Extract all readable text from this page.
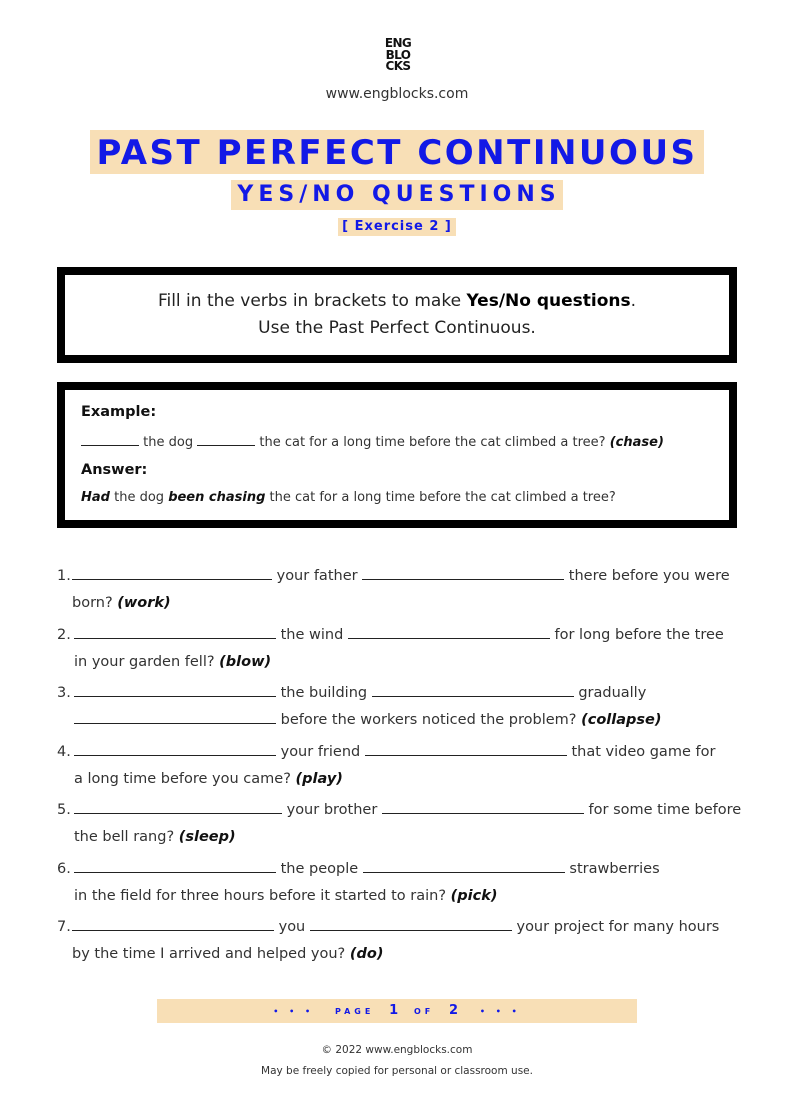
ENG
BLO
CKS
www.engblocks.com
PAST PERFECT CONTINUOUS
YES/NO QUESTIONS
[ Exercise 2 ]
Fill in the verbs in brackets to make Yes/No questions.
Use the Past Perfect Continuous.
Example:
the dog	the cat for a long time before the cat climbed a tree? (chase)
Answer:
Had the dog been chasing the cat for a long time before the cat climbed a tree?
1.	your father	there before you were
born? (work)
2.	the wind	for long before the tree
in your garden fell? (blow)
3.	the building	gradually
before the workers noticed the problem? (collapse)
4.	your friend	that video game for
a long time before you came? (play)
5.	your brother	for some time before
the bell rang? (sleep)
6.	the people	strawberries
in the field for three hours before it started to rain? (pick)
7.	you	your project for many hours
by the time I arrived and helped you? (do)
• • •	PAGE 1 OF 2	• • •
© 2022 www.engblocks.com
May be freely copied for personal or classroom use.
